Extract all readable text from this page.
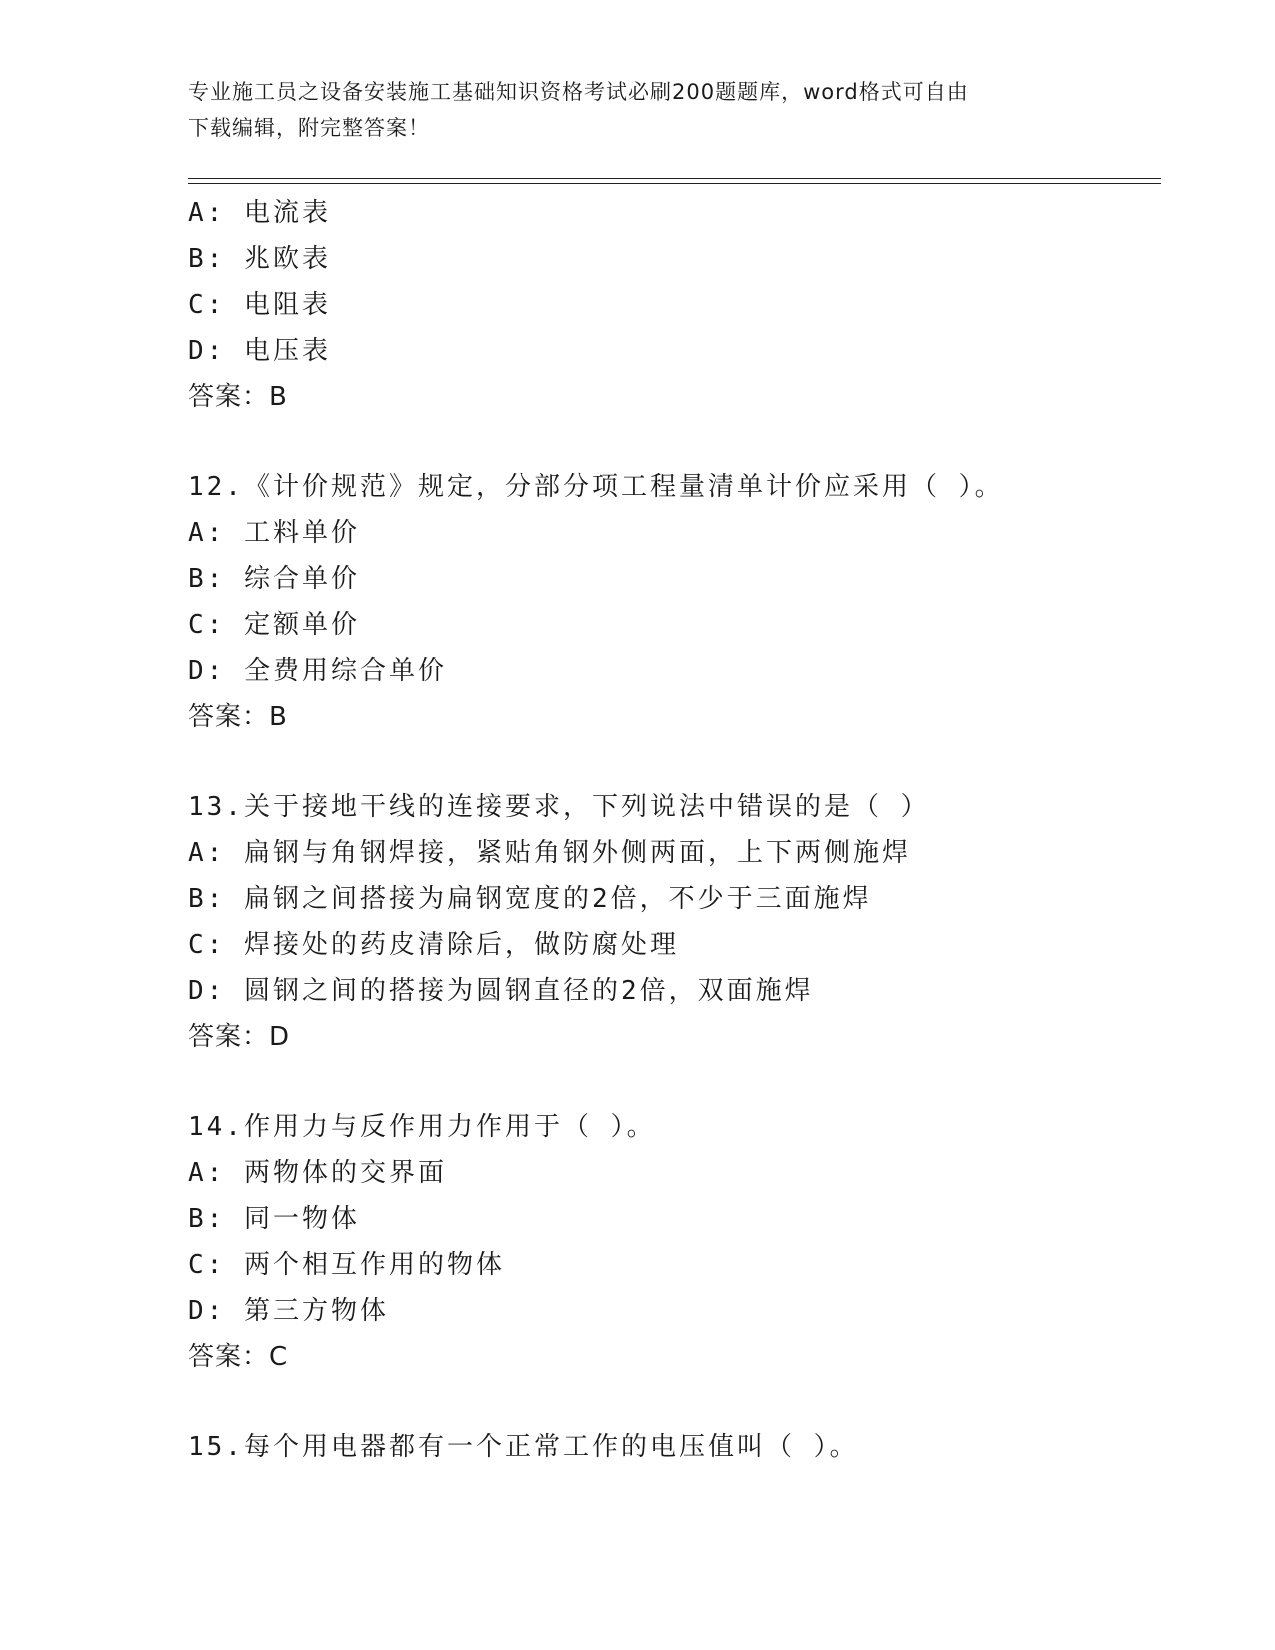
专业施工员之设备安装施工基础知识资格考试必刷200题题库，word格式可自由
下载编辑，附完整答案！
A: 电流表
B: 兆欧表
C: 电阻表
D: 电压表
答案：B
12.《计价规范》规定，分部分项工程量清单计价应采用（ ）。
A: 工料单价
B: 综合单价
C: 定额单价
D: 全费用综合单价
答案：B
13.关于接地干线的连接要求，下列说法中错误的是（ ）
A: 扁钢与角钢焊接，紧贴角钢外侧两面，上下两侧施焊
B: 扁钢之间搭接为扁钢宽度的2倍，不少于三面施焊
C: 焊接处的药皮清除后，做防腐处理
D: 圆钢之间的搭接为圆钢直径的2倍，双面施焊
答案：D
14.作用力与反作用力作用于（ ）。
A: 两物体的交界面
B: 同一物体
C: 两个相互作用的物体
D: 第三方物体
答案：C
15.每个用电器都有一个正常工作的电压值叫（ ）。
